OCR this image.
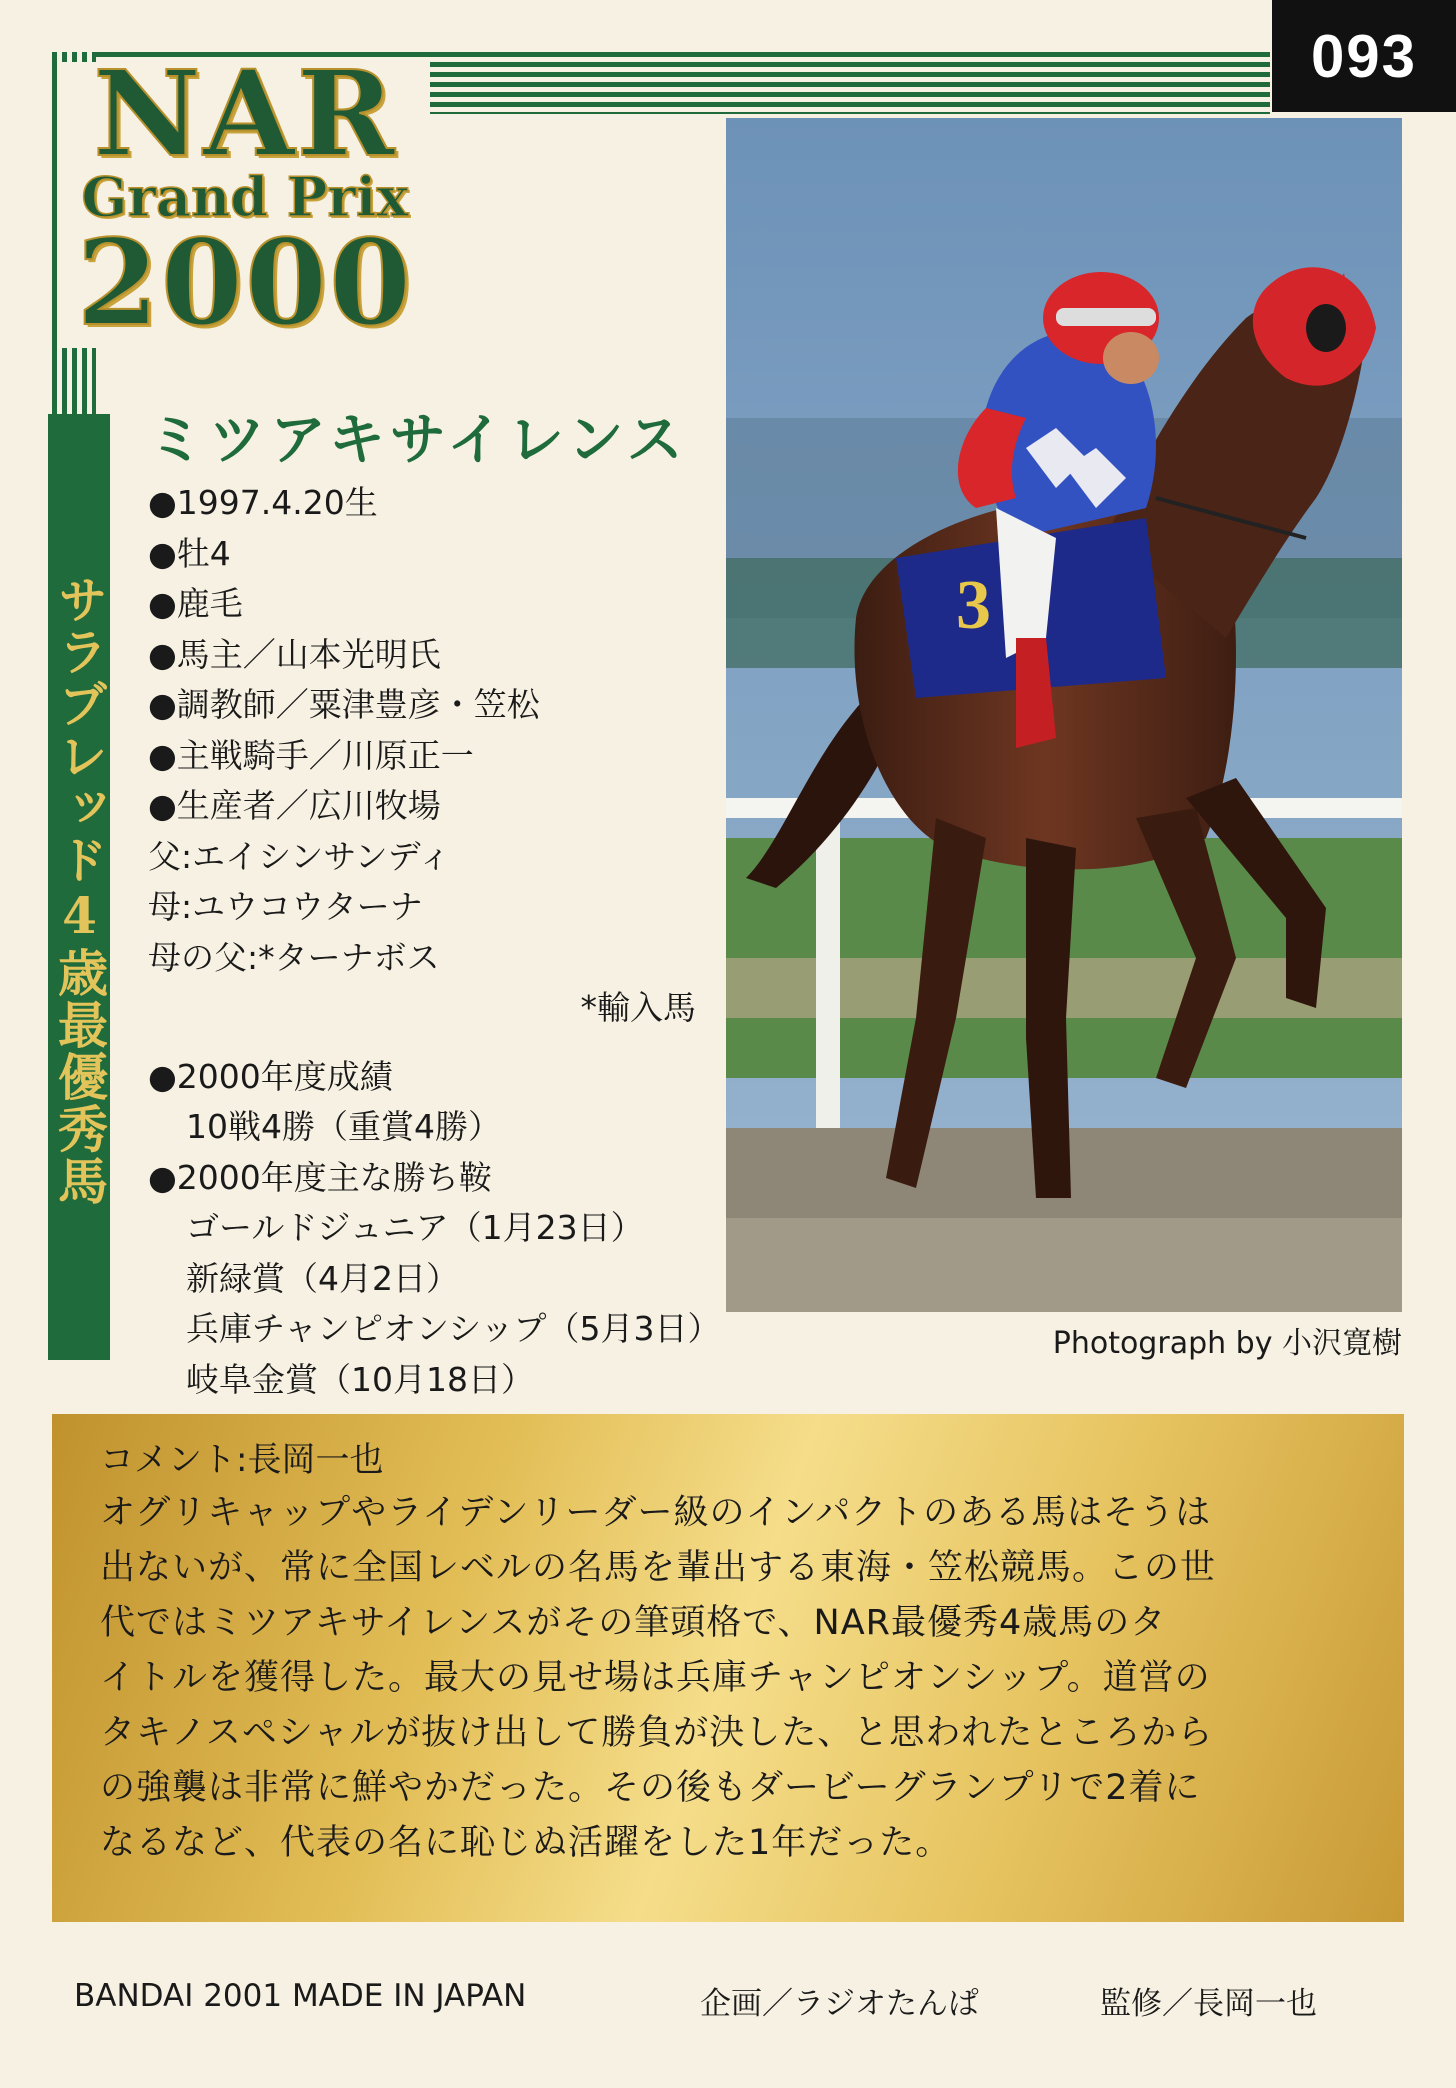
093
NAR
Grand Prix
2000
サラブレッド4歳最優秀馬
ミツアキサイレンス
●1997.4.20生
●牡4
●鹿毛
●馬主／山本光明氏
●調教師／粟津豊彦・笠松
●主戦騎手／川原正一
●生産者／広川牧場
父:エイシンサンディ
母:ユウコウターナ
母の父:*ターナボス
*輸入馬
●2000年度成績
10戦4勝（重賞4勝）
●2000年度主な勝ち鞍
ゴールドジュニア（1月23日）
新緑賞（4月2日）
兵庫チャンピオンシップ（5月3日）
岐阜金賞（10月18日）
3
Photograph by 小沢寛樹
コメント:長岡一也
オグリキャップやライデンリーダー級のインパクトのある馬はそうは
出ないが、常に全国レベルの名馬を輩出する東海・笠松競馬。この世
代ではミツアキサイレンスがその筆頭格で、NAR最優秀4歳馬のタ
イトルを獲得した。最大の見せ場は兵庫チャンピオンシップ。道営の
タキノスペシャルが抜け出して勝負が決した、と思われたところから
の強襲は非常に鮮やかだった。その後もダービーグランプリで2着に
なるなど、代表の名に恥じぬ活躍をした1年だった。
BANDAI 2001 MADE IN JAPAN	企画／ラジオたんぱ	監修／長岡一也
